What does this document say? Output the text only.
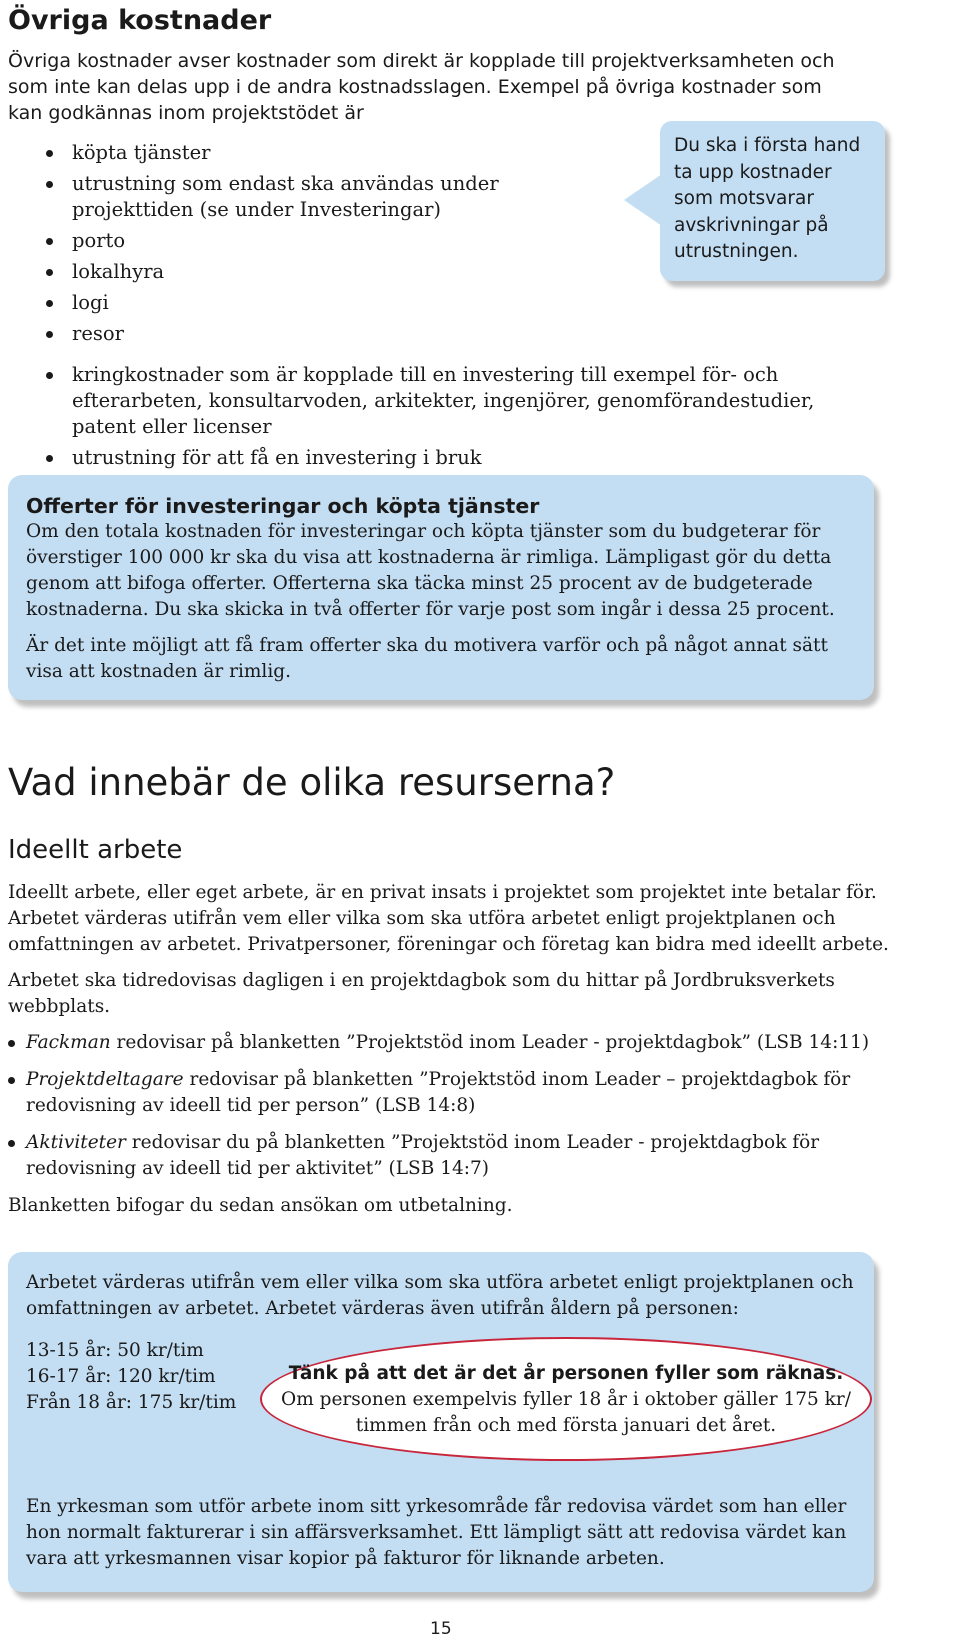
Övriga kostnader

Övriga kostnader avser kostnader som direkt är kopplade till projektverksamheten och som inte kan delas upp i de andra kostnadsslagen. Exempel på övriga kostnader som kan godkännas inom projektstödet är

köpta tjänster
utrustning som endast ska användas under projekttiden (se under Investeringar)
porto
lokalhyra
logi
resor
kringkostnader som är kopplade till en investering till exempel för- och efterarbeten, konsultarvoden, arkitekter, ingenjörer, genomförandestudier, patent eller licenser
utrustning för att få en investering i bruk
Du ska i första hand ta upp kostnader som motsvarar avskrivningar på utrustningen.
Offerter för investeringar och köpta tjänster

Om den totala kostnaden för investeringar och köpta tjänster som du budgeterar för överstiger 100 000 kr ska du visa att kostnaderna är rimliga. Lämpligast gör du detta genom att bifoga offerter. Offerterna ska täcka minst 25 procent av de budgeterade kostnaderna. Du ska skicka in två offerter för varje post som ingår i dessa 25 procent.

Är det inte möjligt att få fram offerter ska du motivera varför och på något annat sätt visa att kostnaden är rimlig.

Vad innebär de olika resurserna?
Ideellt arbete

Ideellt arbete, eller eget arbete, är en privat insats i projektet som projektet inte betalar för. Arbetet värderas utifrån vem eller vilka som ska utföra arbetet enligt projektplanen och omfattningen av arbetet. Privatpersoner, föreningar och företag kan bidra med ideellt arbete.

Arbetet ska tidredovisas dagligen i en projektdagbok som du hittar på Jordbruksverkets webbplats.

Fackman redovisar på blanketten ”Projektstöd inom Leader - projektdagbok” (LSB 14:11)
Projektdeltagare redovisar på blanketten ”Projektstöd inom Leader – projektdagbok för redovisning av ideell tid per person” (LSB 14:8)
Aktiviteter redovisar du på blanketten ”Projektstöd inom Leader - projektdagbok för redovisning av ideell tid per aktivitet” (LSB 14:7)

Blanketten bifogar du sedan ansökan om utbetalning.

Arbetet värderas utifrån vem eller vilka som ska utföra arbetet enligt projektplanen och omfattningen av arbetet. Arbetet värderas även utifrån åldern på personen:

13-15 år: 50 kr/tim
16-17 år: 120 kr/tim
Från 18 år: 175 kr/tim
Tänk på att det är det år personen fyller som räknas.
Om personen exempelvis fyller 18 år i oktober gäller 175 kr/ timmen från och med första januari det året.

En yrkesman som utför arbete inom sitt yrkesområde får redovisa värdet som han eller hon normalt fakturerar i sin affärsverksamhet. Ett lämpligt sätt att redovisa värdet kan vara att yrkesmannen visar kopior på fakturor för liknande arbeten.

15
